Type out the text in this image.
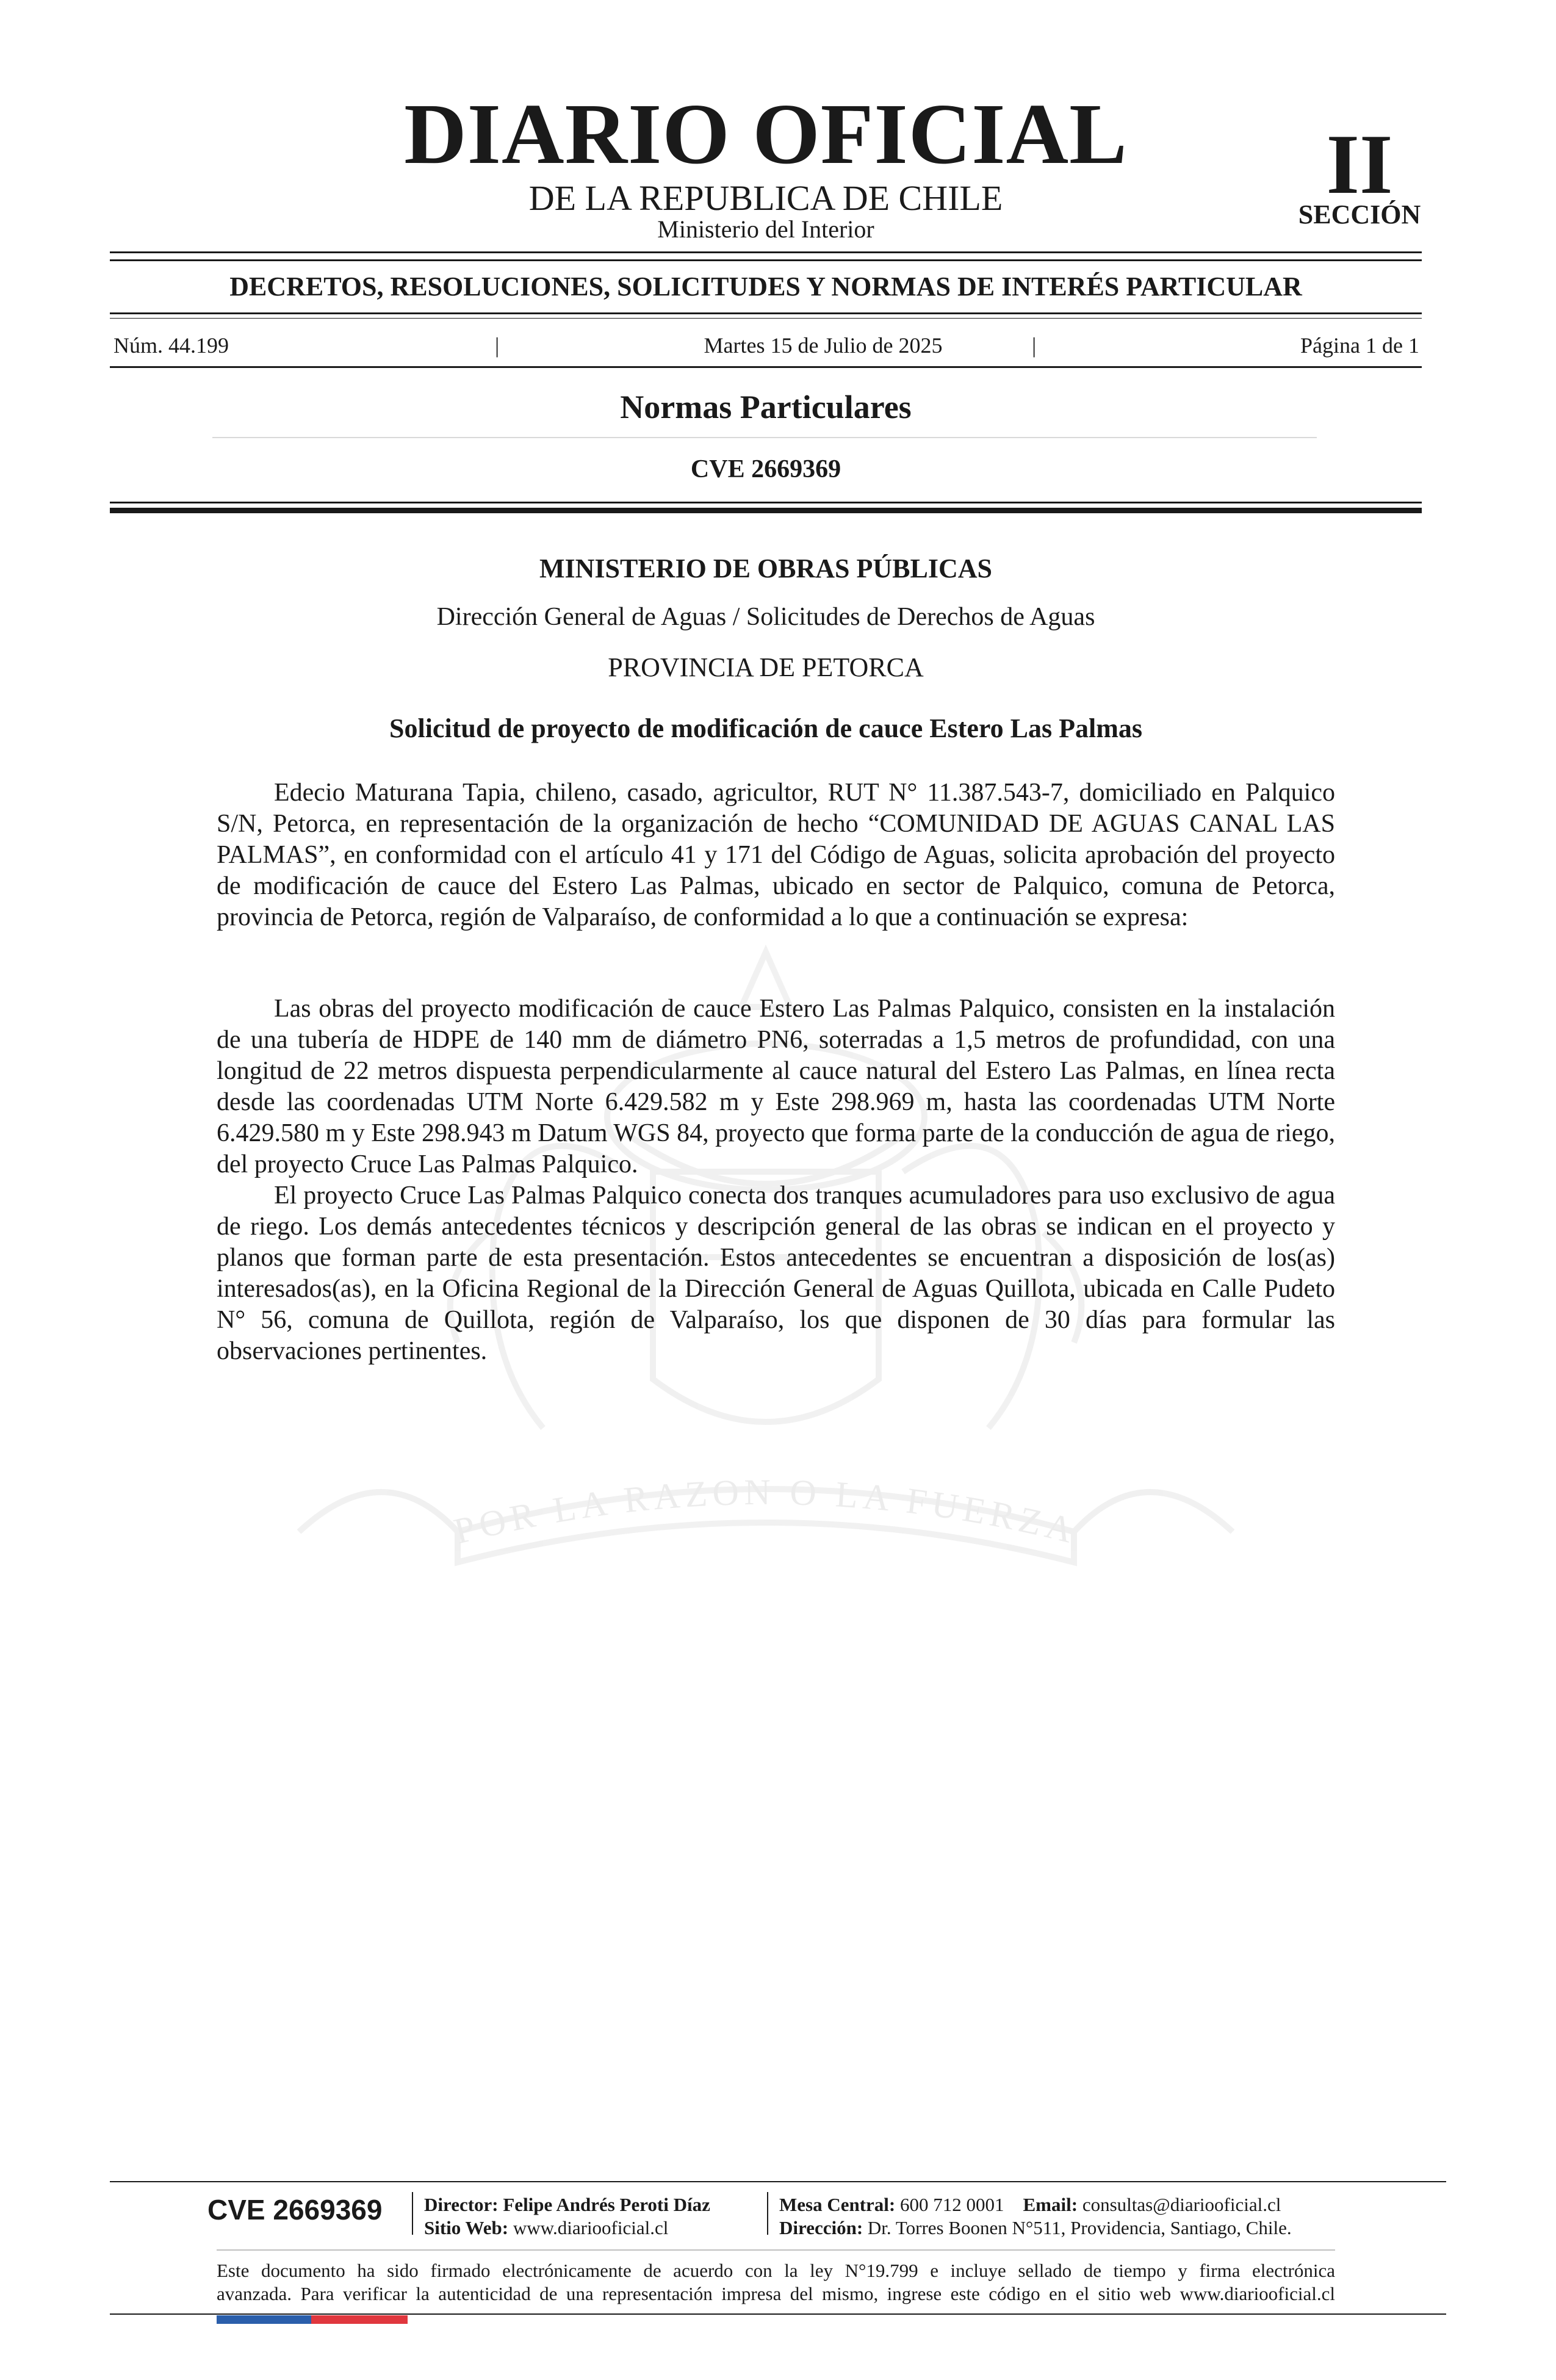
POR LA RAZON O LA FUERZA
DIARIO OFICIAL
DE LA REPUBLICA DE CHILE
Ministerio del Interior
II
SECCIÓN
DECRETOS, RESOLUCIONES, SOLICITUDES Y NORMAS DE INTERÉS PARTICULAR
Núm. 44.199	|	Martes 15 de Julio de 2025	|	Página 1 de 1
Normas Particulares
CVE 2669369
MINISTERIO DE OBRAS PÚBLICAS
Dirección General de Aguas / Solicitudes de Derechos de Aguas
PROVINCIA DE PETORCA
Solicitud de proyecto de modificación de cauce Estero Las Palmas

Edecio Maturana Tapia, chileno, casado, agricultor, RUT N° 11.387.543-7, domiciliado en Palquico S/N, Petorca, en representación de la organización de hecho “COMUNIDAD DE AGUAS CANAL LAS PALMAS”, en conformidad con el artículo 41 y 171 del Código de Aguas, solicita aprobación del proyecto de modificación de cauce del Estero Las Palmas, ubicado en sector de Palquico, comuna de Petorca, provincia de Petorca, región de Valparaíso, de conformidad a lo que a continuación se expresa:

Las obras del proyecto modificación de cauce Estero Las Palmas Palquico, consisten en la instalación de una tubería de HDPE de 140 mm de diámetro PN6, soterradas a 1,5 metros de profundidad, con una longitud de 22 metros dispuesta perpendicularmente al cauce natural del Estero Las Palmas, en línea recta desde las coordenadas UTM Norte 6.429.582 m y Este 298.969 m, hasta las coordenadas UTM Norte 6.429.580 m y Este 298.943 m Datum WGS 84, proyecto que forma parte de la conducción de agua de riego, del proyecto Cruce Las Palmas Palquico.

El proyecto Cruce Las Palmas Palquico conecta dos tranques acumuladores para uso exclusivo de agua de riego. Los demás antecedentes técnicos y descripción general de las obras se indican en el proyecto y planos que forman parte de esta presentación. Estos antecedentes se encuentran a disposición de los(as) interesados(as), en la Oficina Regional de la Dirección General de Aguas Quillota, ubicada en Calle Pudeto N° 56, comuna de Quillota, región de Valparaíso, los que disponen de 30 días para formular las observaciones pertinentes.

CVE 2669369 Director: Felipe Andrés Peroti Díaz
Sitio Web: www.diariooficial.cl
Mesa Central: 600 712 0001 Email: consultas@diariooficial.cl
Dirección: Dr. Torres Boonen N°511, Providencia, Santiago, Chile.
Este documento ha sido firmado electrónicamente de acuerdo con la ley N°19.799 e incluye sellado de tiempo y firma electrónica
avanzada. Para verificar la autenticidad de una representación impresa del mismo, ingrese este código en el sitio web www.diariooficial.cl
